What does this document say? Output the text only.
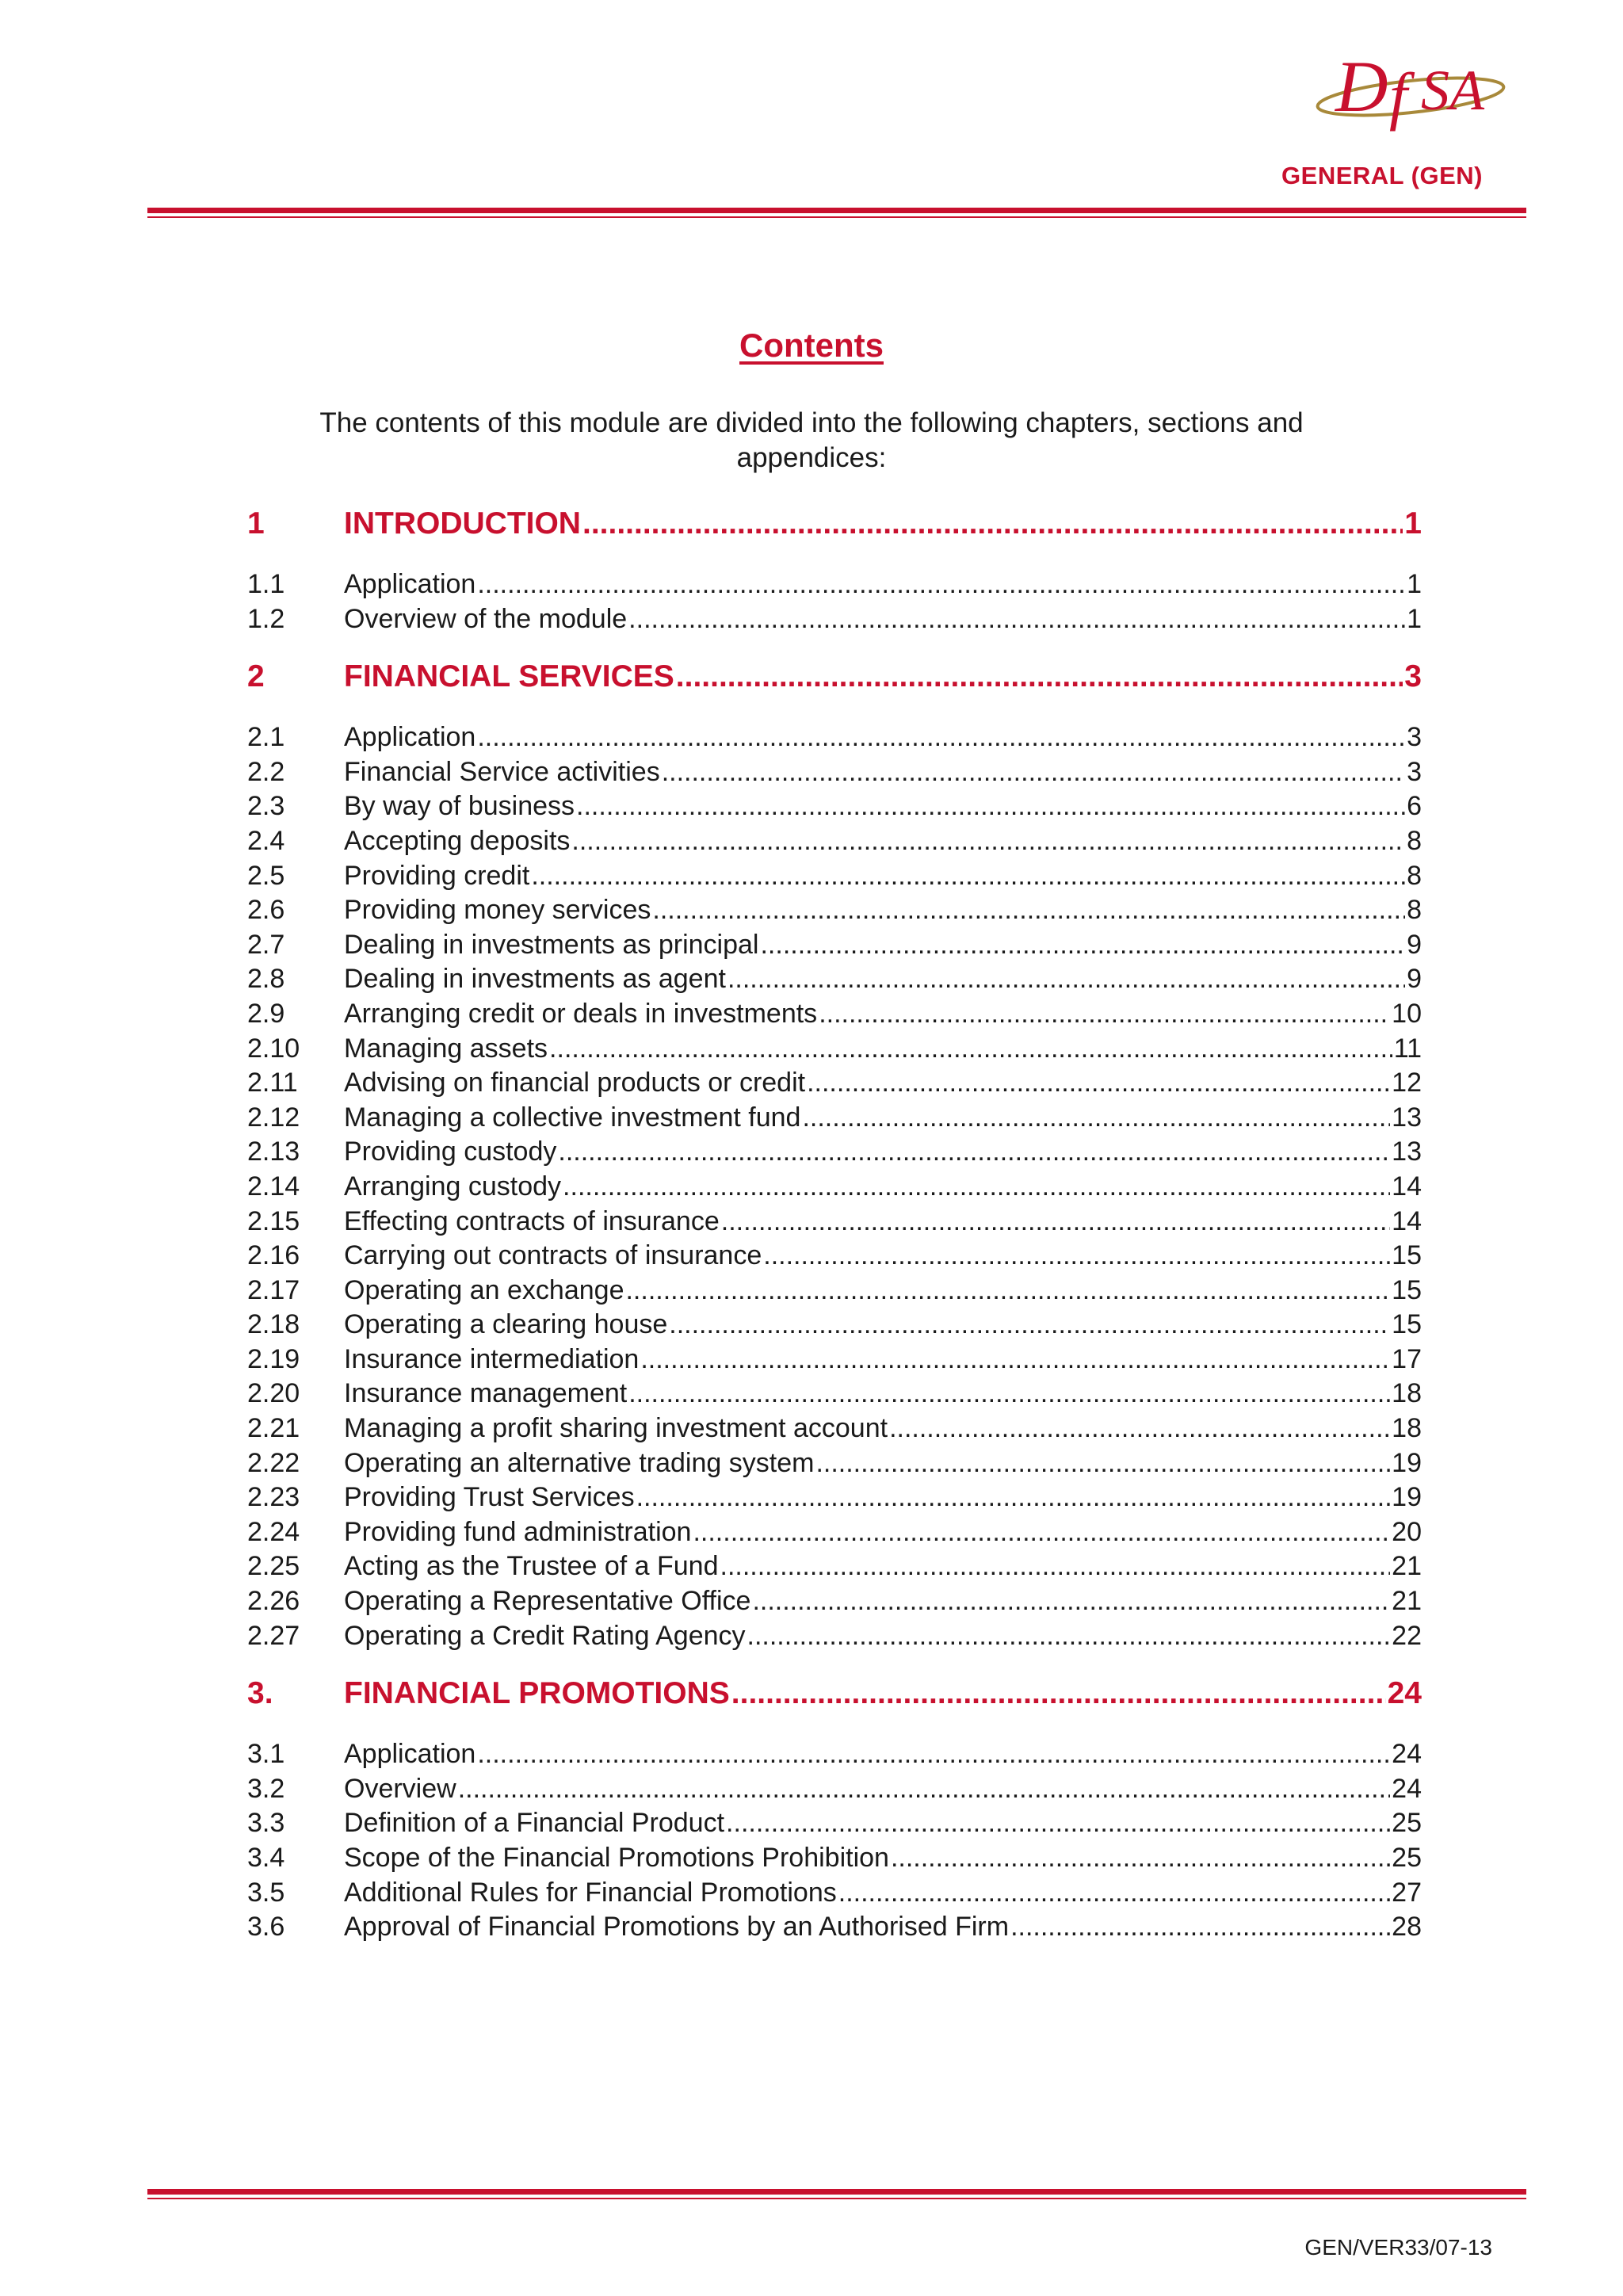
D f SA
GENERAL (GEN)
Contents
The contents of this module are divided into the following chapters, sections and appendices:
1	INTRODUCTION .....	1
1.1	Application .....	1
1.2	Overview of the module .....	1
2	FINANCIAL SERVICES .....	3
2.1	Application .....	3
2.2	Financial Service activities .....	3
2.3	By way of business .....	6
2.4	Accepting deposits .....	8
2.5	Providing credit .....	8
2.6	Providing money services .....	8
2.7	Dealing in investments as principal .....	9
2.8	Dealing in investments as agent .....	9
2.9	Arranging credit or deals in investments .....	10
2.10	Managing assets .....	11
2.11	Advising on financial products or credit .....	12
2.12	Managing a collective investment fund .....	13
2.13	Providing custody .....	13
2.14	Arranging custody .....	14
2.15	Effecting contracts of insurance .....	14
2.16	Carrying out contracts of insurance .....	15
2.17	Operating an exchange .....	15
2.18	Operating a clearing house .....	15
2.19	Insurance intermediation .....	17
2.20	Insurance management .....	18
2.21	Managing a profit sharing investment account .....	18
2.22	Operating an alternative trading system .....	19
2.23	Providing Trust Services .....	19
2.24	Providing fund administration .....	20
2.25	Acting as the Trustee of a Fund .....	21
2.26	Operating a Representative Office .....	21
2.27	Operating a Credit Rating Agency .....	22
3.	FINANCIAL PROMOTIONS .....	24
3.1	Application .....	24
3.2	Overview .....	24
3.3	Definition of a Financial Product .....	25
3.4	Scope of the Financial Promotions Prohibition .....	25
3.5	Additional Rules for Financial Promotions .....	27
3.6	Approval of Financial Promotions by an Authorised Firm .....	28
GEN/VER33/07-13
